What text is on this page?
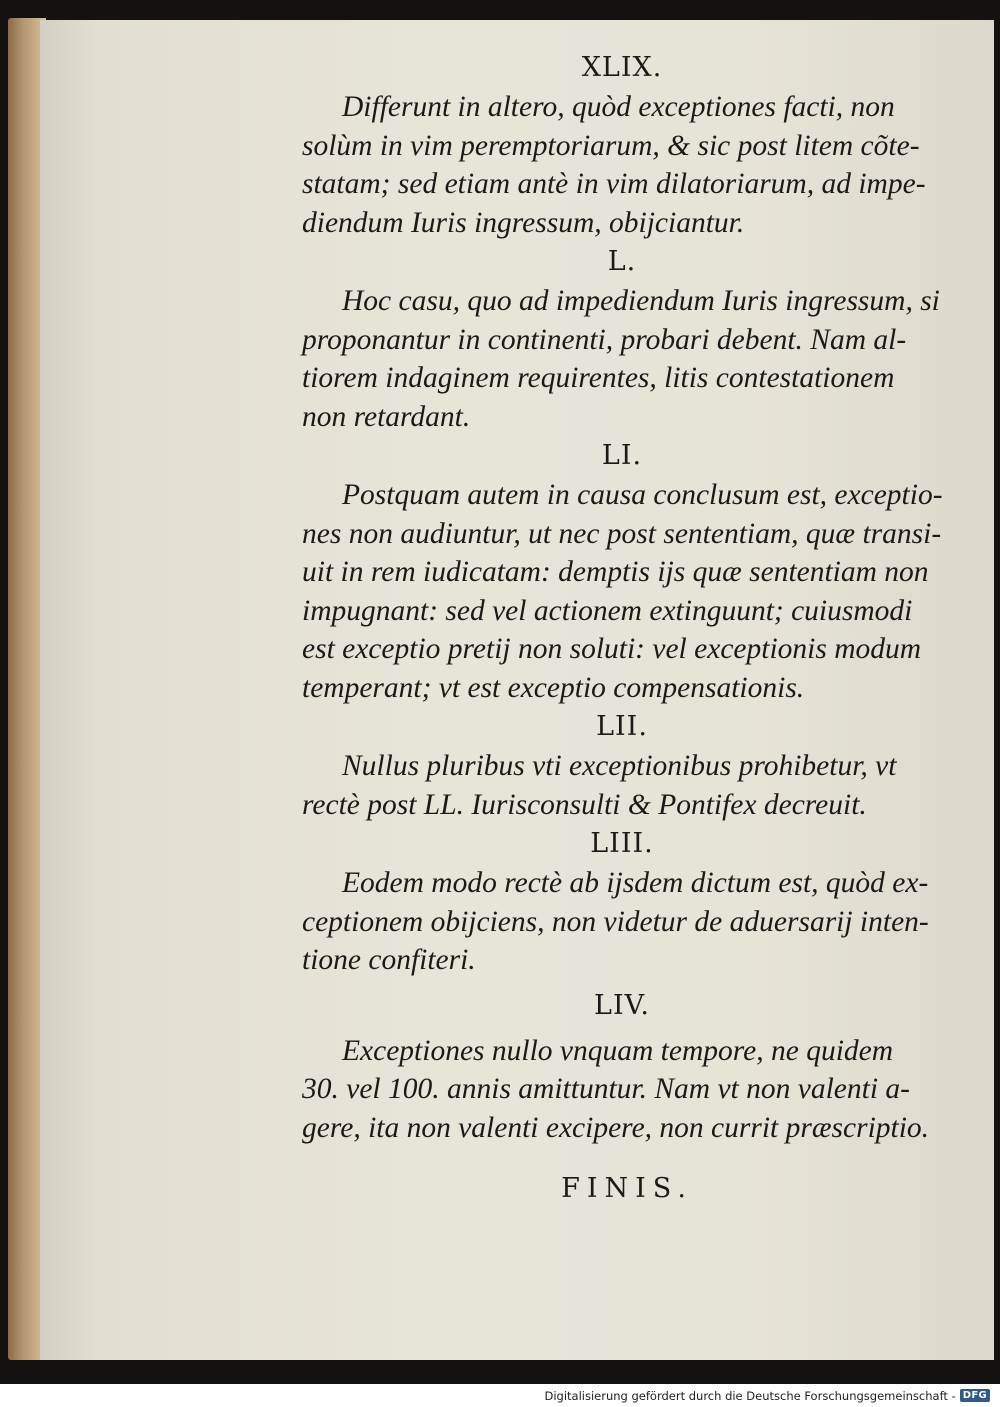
XLIX.

Differunt in altero, quòd exceptiones facti, non
solùm in vim peremptoriarum, & sic post litem cõte-
statam; sed etiam antè in vim dilatoriarum, ad impe-
diendum Iuris ingressum, obijciantur.

L.

Hoc casu, quo ad impediendum Iuris ingressum, si
proponantur in continenti, probari debent. Nam al-
tiorem indaginem requirentes, litis contestationem
non retardant.

LI.

Postquam autem in causa conclusum est, exceptio-
nes non audiuntur, ut nec post sententiam, quæ transi-
uit in rem iudicatam: demptis ijs quæ sententiam non
impugnant: sed vel actionem extinguunt; cuiusmodi
est exceptio pretij non soluti: vel exceptionis modum
temperant; vt est exceptio compensationis.

LII.

Nullus pluribus vti exceptionibus prohibetur, vt
rectè post LL. Iurisconsulti & Pontifex decreuit.

LIII.

Eodem modo rectè ab ijsdem dictum est, quòd ex-
ceptionem obijciens, non videtur de aduersarij inten-
tione confiteri.

LIV.

Exceptiones nullo vnquam tempore, ne quidem
30. vel 100. annis amittuntur. Nam vt non valenti a-
gere, ita non valenti excipere, non currit præscriptio.

FINIS.
Digitalisierung gefördert durch die Deutsche Forschungsgemeinschaft - DFG
